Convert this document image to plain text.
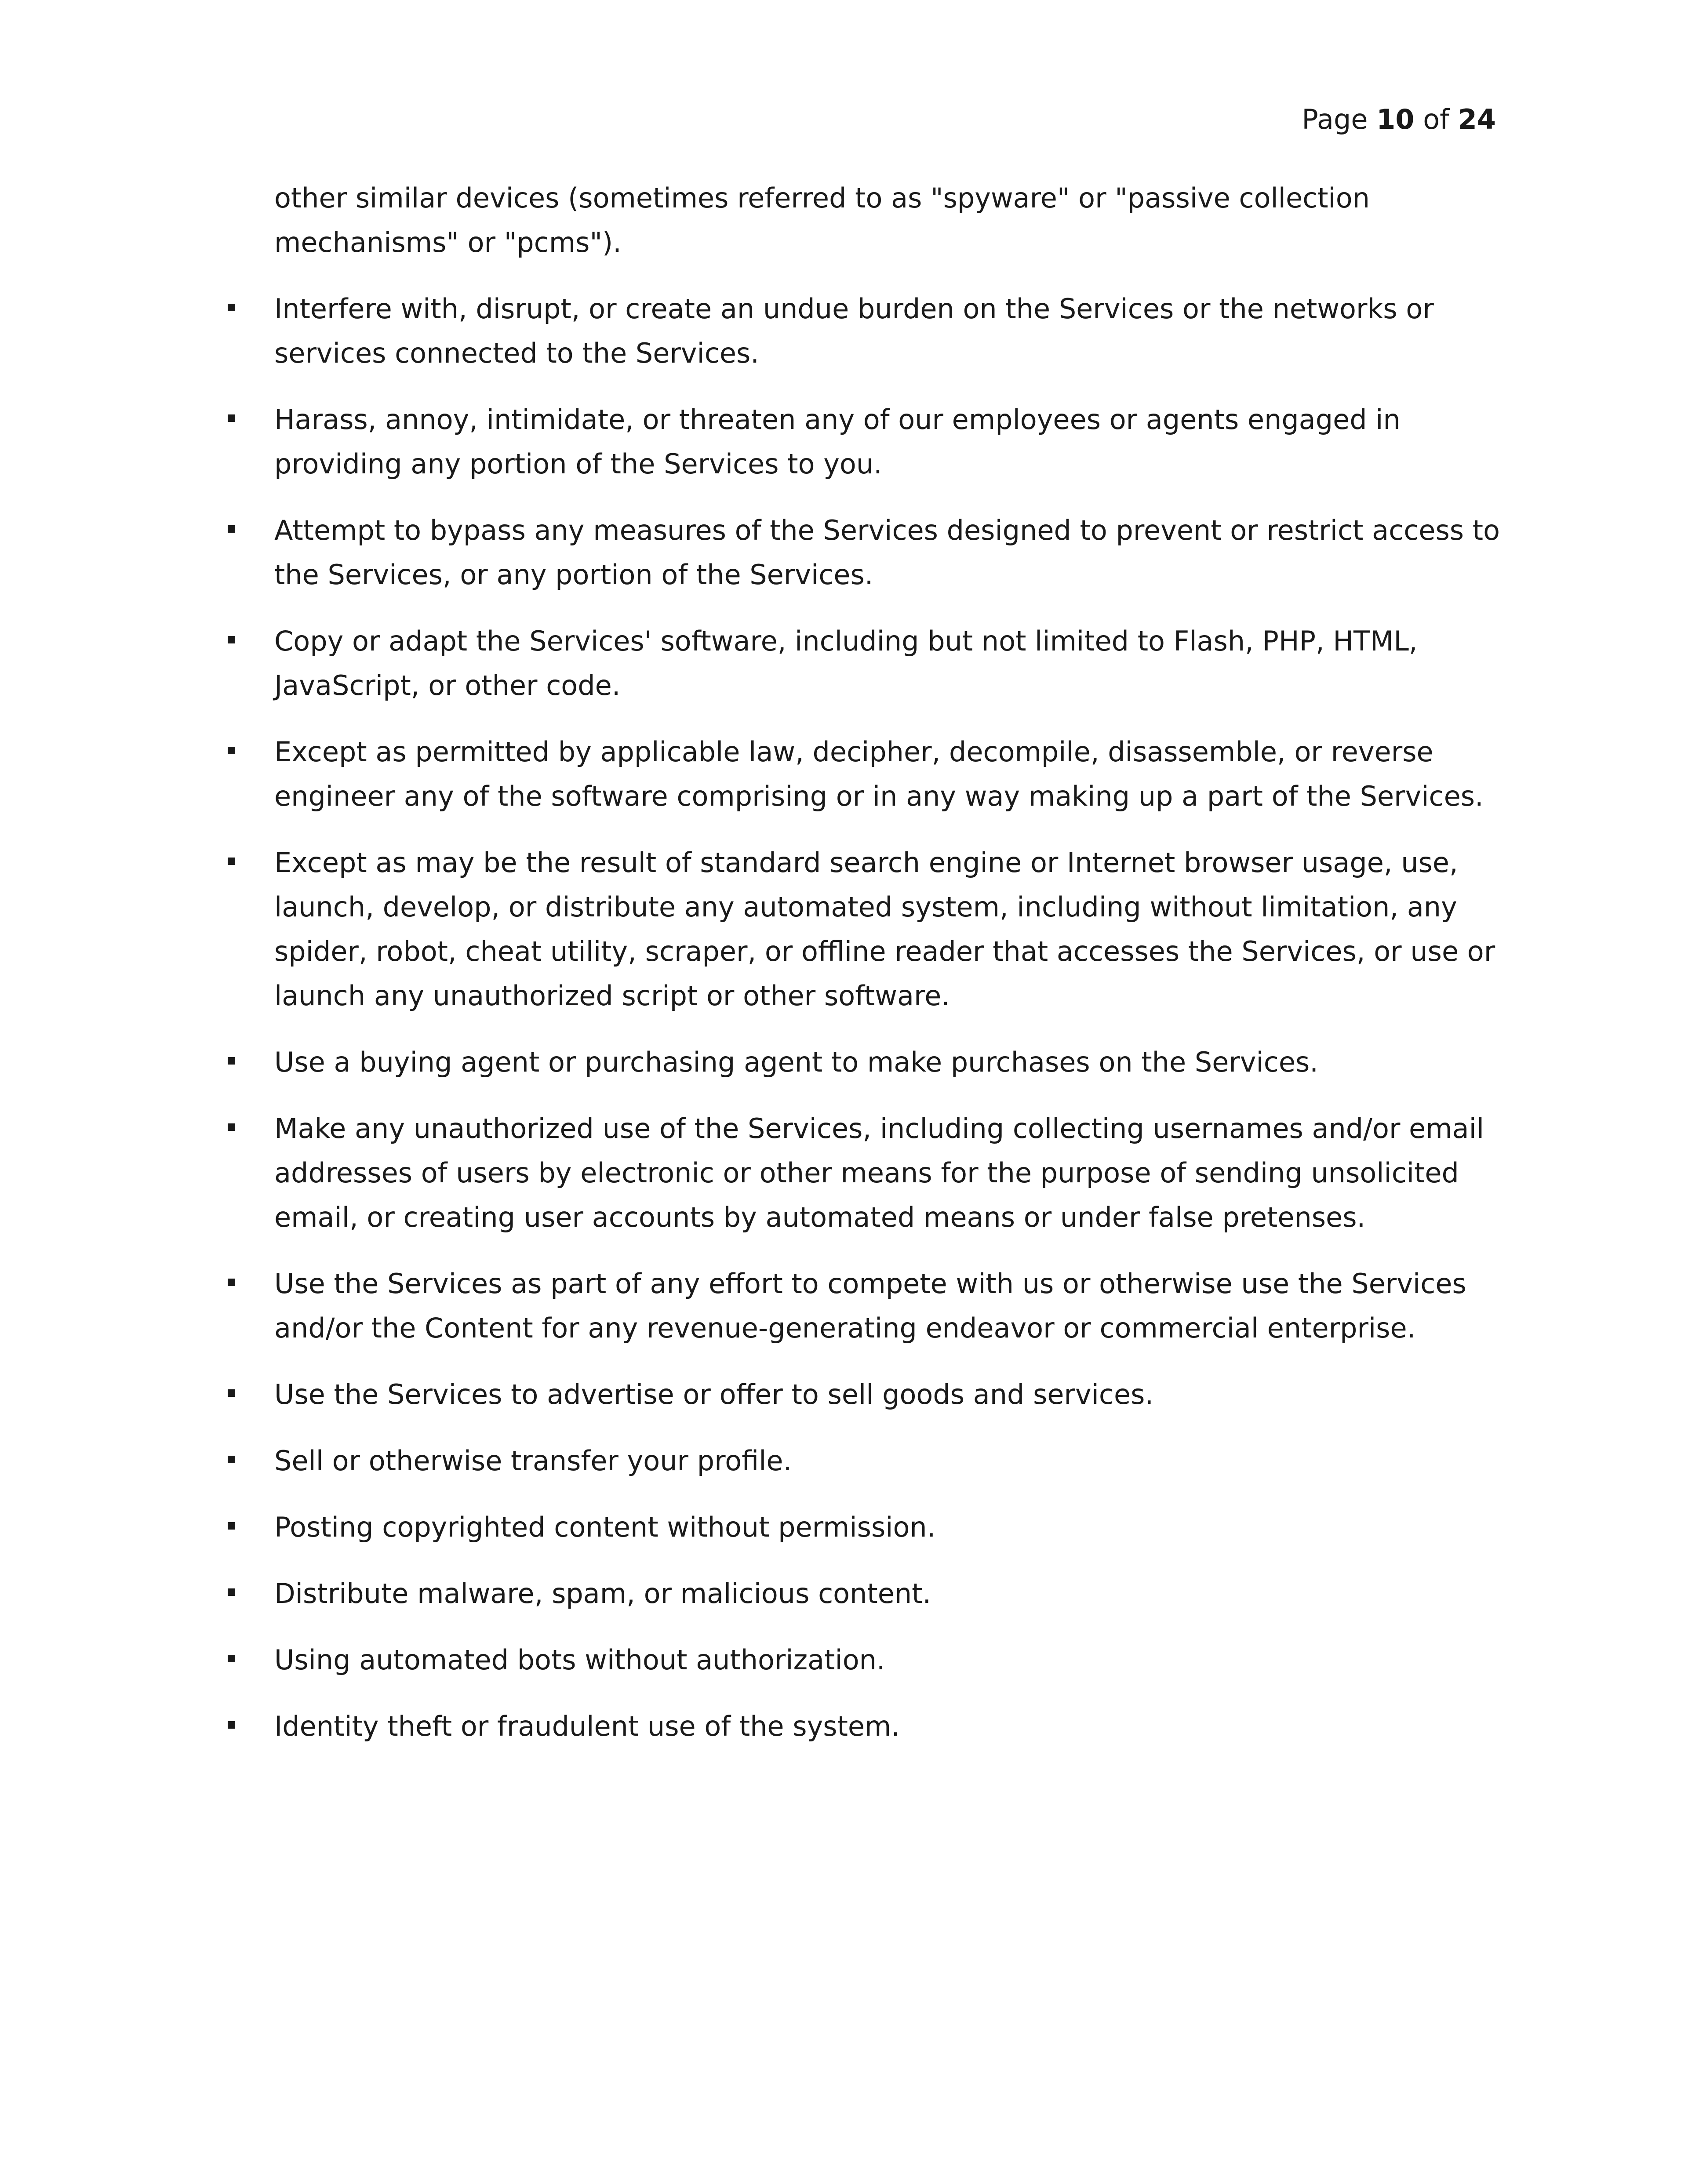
Page 10 of 24

other similar devices (sometimes referred to as "spyware" or "passive collection mechanisms" or "pcms").

Interfere with, disrupt, or create an undue burden on the Services or the networks or services connected to the Services.
Harass, annoy, intimidate, or threaten any of our employees or agents engaged in providing any portion of the Services to you.
Attempt to bypass any measures of the Services designed to prevent or restrict access to the Services, or any portion of the Services.
Copy or adapt the Services' software, including but not limited to Flash, PHP, HTML, JavaScript, or other code.
Except as permitted by applicable law, decipher, decompile, disassemble, or reverse engineer any of the software comprising or in any way making up a part of the Services.
Except as may be the result of standard search engine or Internet browser usage, use, launch, develop, or distribute any automated system, including without limitation, any spider, robot, cheat utility, scraper, or offline reader that accesses the Services, or use or launch any unauthorized script or other software.
Use a buying agent or purchasing agent to make purchases on the Services.
Make any unauthorized use of the Services, including collecting usernames and/or email addresses of users by electronic or other means for the purpose of sending unsolicited email, or creating user accounts by automated means or under false pretenses.
Use the Services as part of any effort to compete with us or otherwise use the Services and/or the Content for any revenue-generating endeavor or commercial enterprise.
Use the Services to advertise or offer to sell goods and services.
Sell or otherwise transfer your profile.
Posting copyrighted content without permission.
Distribute malware, spam, or malicious content.
Using automated bots without authorization.
Identity theft or fraudulent use of the system.
